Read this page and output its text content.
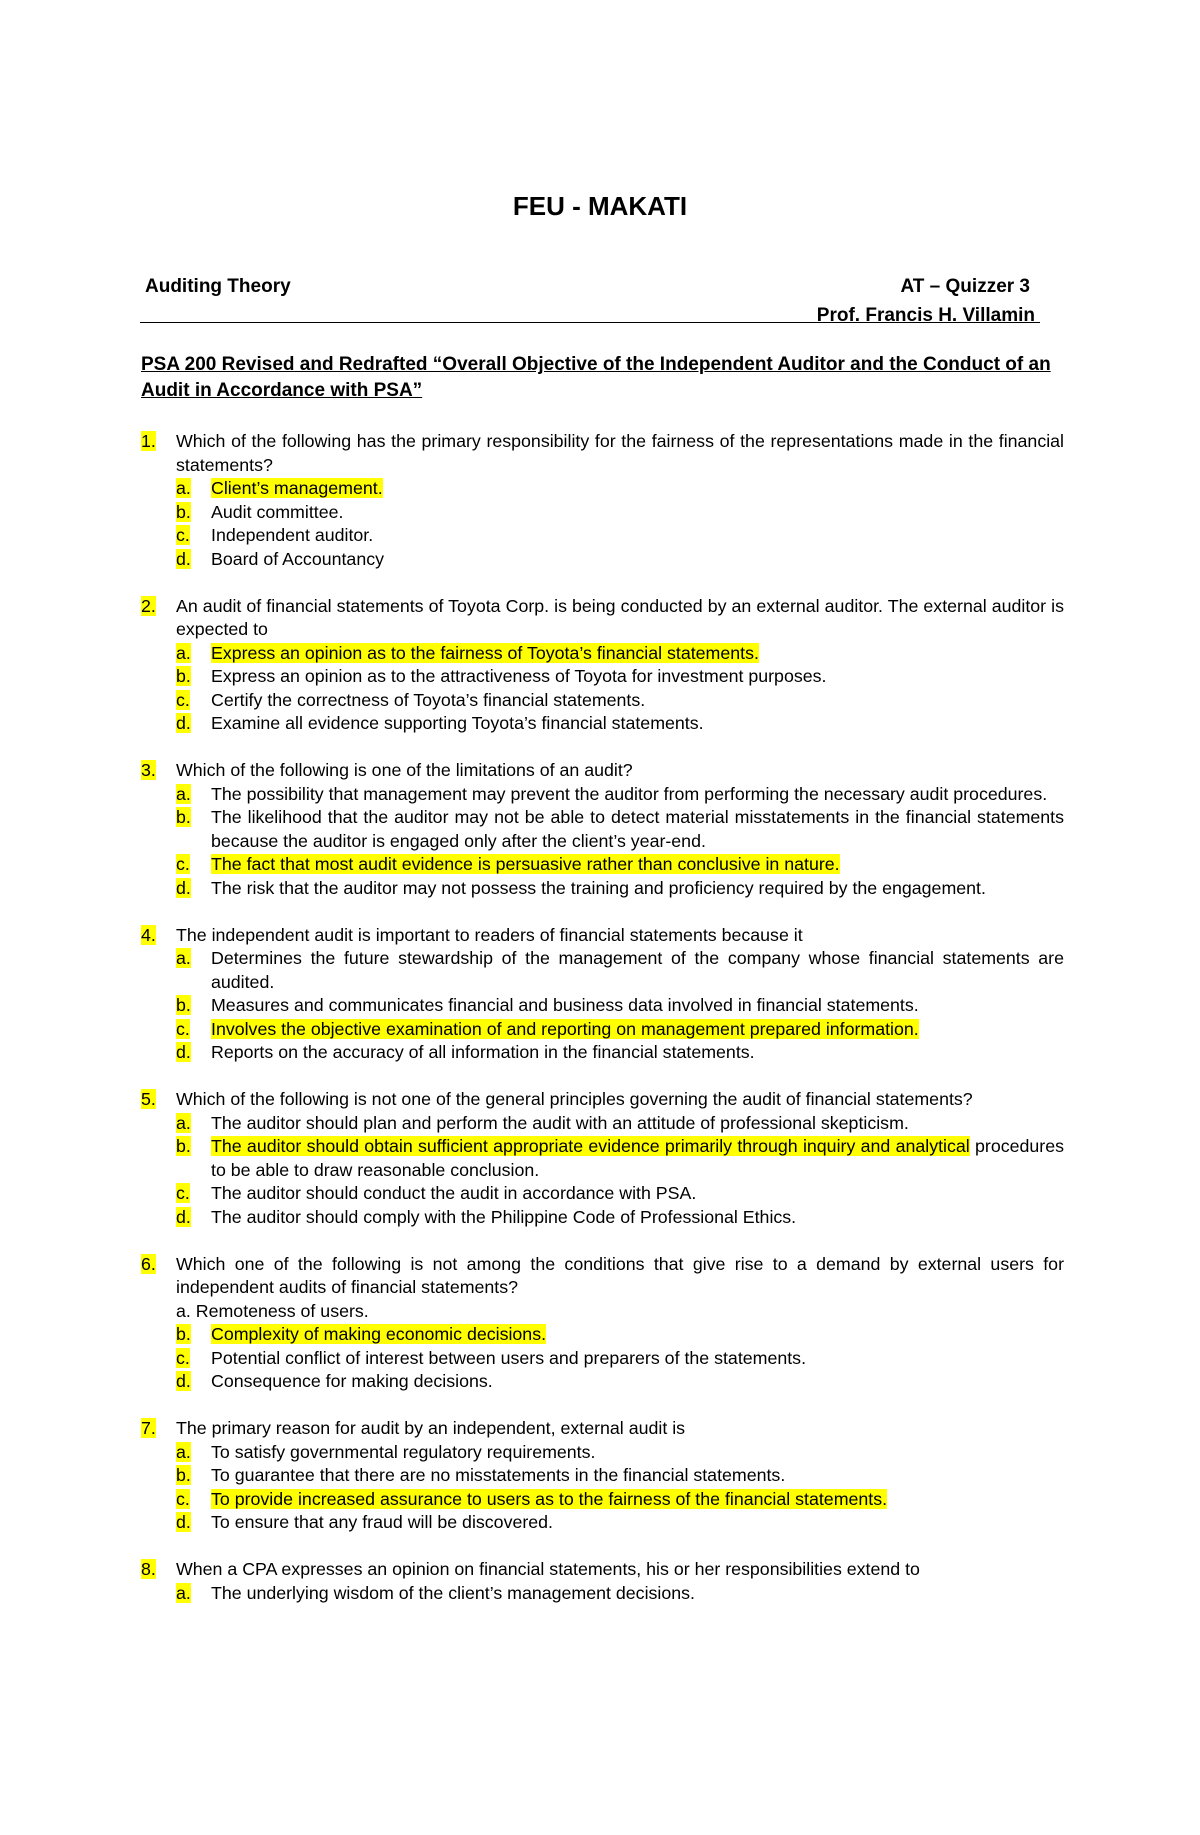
FEU - MAKATI
Auditing Theory	AT – Quizzer 3
Prof. Francis H. Villamin
PSA 200 Revised and Redrafted “Overall Objective of the Independent Auditor and the Conduct of an Audit in Accordance with PSA”
1.	Which of the following has the primary responsibility for the fairness of the representations made in the financial statements?
a.	Client’s management.
b.	Audit committee.
c.	Independent auditor.
d.	Board of Accountancy
2.	An audit of financial statements of Toyota Corp. is being conducted by an external auditor. The external auditor is expected to
a.	Express an opinion as to the fairness of Toyota’s financial statements.
b.	Express an opinion as to the attractiveness of Toyota for investment purposes.
c.	Certify the correctness of Toyota’s financial statements.
d.	Examine all evidence supporting Toyota’s financial statements.
3.	Which of the following is one of the limitations of an audit?
a.	The possibility that management may prevent the auditor from performing the necessary audit procedures.
b.	The likelihood that the auditor may not be able to detect material misstatements in the financial statements because the auditor is engaged only after the client’s year-end.
c.	The fact that most audit evidence is persuasive rather than conclusive in nature.
d.	The risk that the auditor may not possess the training and proficiency required by the engagement.
4.	The independent audit is important to readers of financial statements because it
a.	Determines the future stewardship of the management of the company whose financial statements are audited.
b.	Measures and communicates financial and business data involved in financial statements.
c.	Involves the objective examination of and reporting on management prepared information.
d.	Reports on the accuracy of all information in the financial statements.
5.	Which of the following is not one of the general principles governing the audit of financial statements?
a.	The auditor should plan and perform the audit with an attitude of professional skepticism.
b.	The auditor should obtain sufficient appropriate evidence primarily through inquiry and analytical procedures to be able to draw reasonable conclusion.
c.	The auditor should conduct the audit in accordance with PSA.
d.	The auditor should comply with the Philippine Code of Professional Ethics.
6.	Which one of the following is not among the conditions that give rise to a demand by external users for independent audits of financial statements?
a. Remoteness of users.
b.	Complexity of making economic decisions.
c.	Potential conflict of interest between users and preparers of the statements.
d.	Consequence for making decisions.
7.	The primary reason for audit by an independent, external audit is
a.	To satisfy governmental regulatory requirements.
b.	To guarantee that there are no misstatements in the financial statements.
c.	To provide increased assurance to users as to the fairness of the financial statements.
d.	To ensure that any fraud will be discovered.
8.	When a CPA expresses an opinion on financial statements, his or her responsibilities extend to
a.	The underlying wisdom of the client’s management decisions.
